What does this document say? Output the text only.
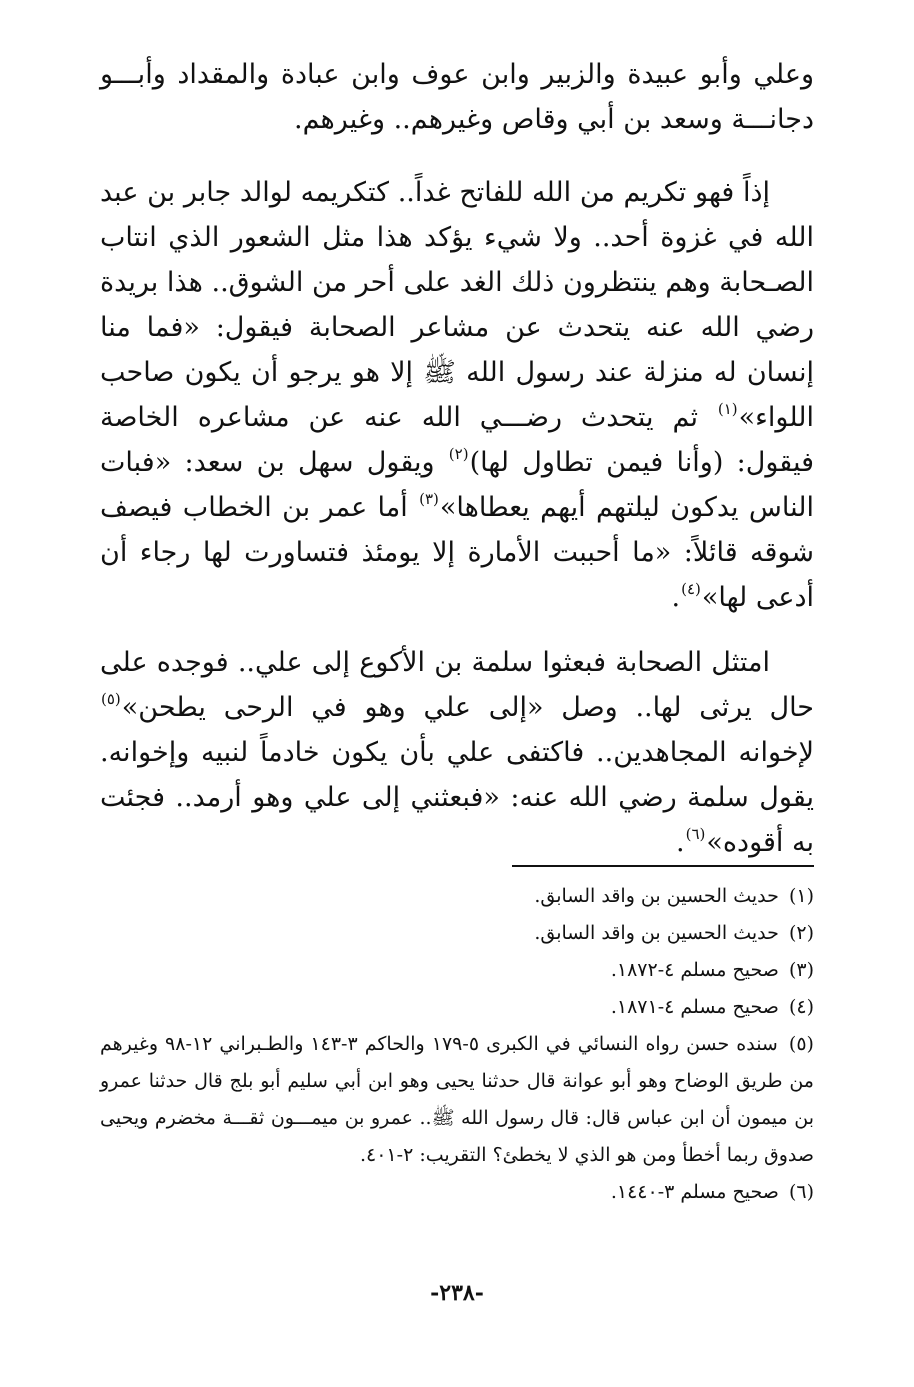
وعلي وأبو عبيدة والزبير وابن عوف وابن عبادة والمقداد وأبـــو دجانـــة وسعد بن أبي وقاص وغيرهم.. وغيرهم.

إذاً فهو تكريم من الله للفاتح غداً.. كتكريمه لوالد جابر بن عبد الله في غزوة أحد.. ولا شيء يؤكد هذا مثل الشعور الذي انتاب الصـحابة وهم ينتظرون ذلك الغد على أحر من الشوق.. هذا بريدة رضي الله عنه يتحدث عن مشاعر الصحابة فيقول: «فما منا إنسان له منزلة عند رسول الله ﷺ إلا هو يرجو أن يكون صاحب اللواء»$^{(١)}$ ثم يتحدث رضـــي الله عنه عن مشاعره الخاصة فيقول: (وأنا فيمن تطاول لها)$^{(٢)}$ ويقول سهل بن سعد: «فبات الناس يدكون ليلتهم أيهم يعطاها»$^{(٣)}$ أما عمر بن الخطاب فيصف شوقه قائلاً: «ما أحببت الأمارة إلا يومئذ فتساورت لها رجاء أن أدعى لها»$^{(٤)}$.

امتثل الصحابة فبعثوا سلمة بن الأكوع إلى علي.. فوجده على حال يرثى لها.. وصل «إلى علي وهو في الرحى يطحن»$^{(٥)}$ لإخوانه المجاهدين.. فاكتفى علي بأن يكون خادماً لنبيه وإخوانه. يقول سلمة رضي الله عنه: «فبعثني إلى علي وهو أرمد.. فجئت به أقوده»$^{(٦)}$.

(١) حديث الحسين بن واقد السابق.
(٢) حديث الحسين بن واقد السابق.
(٣) صحيح مسلم ٤-١٨٧٢.
(٤) صحيح مسلم ٤-١٨٧١.
(٥) سنده حسن رواه النسائي في الكبرى ٥-١٧٩ والحاكم ٣-١٤٣ والطـبراني ١٢-٩٨ وغيرهم من طريق الوضاح وهو أبو عوانة قال حدثنا يحيى وهو ابن أبي سليم أبو بلج قال حدثنا عمرو بن ميمون أن ابن عباس قال: قال رسول الله ﷺ.. عمرو بن ميمـــون ثقـــة مخضرم ويحيى صدوق ربما أخطأ ومن هو الذي لا يخطئ؟ التقريب: ٢-٤٠١.
(٦) صحيح مسلم ٣-١٤٤٠.
-٢٣٨-
